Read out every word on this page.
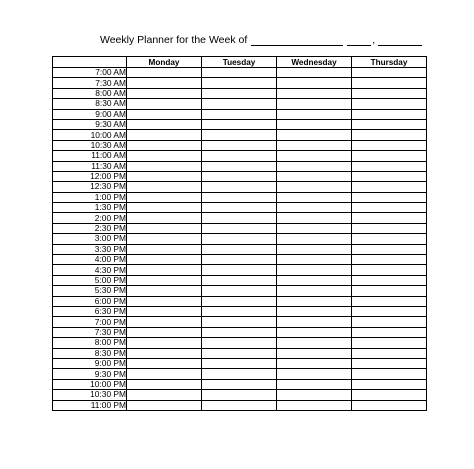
Weekly Planner for the Week of	,
	Monday	Tuesday	Wednesday	Thursday
7:00 AM				
7:30 AM				
8:00 AM				
8:30 AM				
9:00 AM				
9:30 AM				
10:00 AM				
10:30 AM				
11:00 AM				
11:30 AM				
12:00 PM				
12:30 PM				
1:00 PM				
1:30 PM				
2:00 PM				
2:30 PM				
3:00 PM				
3:30 PM				
4:00 PM				
4:30 PM				
5:00 PM				
5:30 PM				
6:00 PM				
6:30 PM				
7:00 PM				
7:30 PM				
8:00 PM				
8:30 PM				
9:00 PM				
9:30 PM				
10:00 PM				
10:30 PM				
11:00 PM				
